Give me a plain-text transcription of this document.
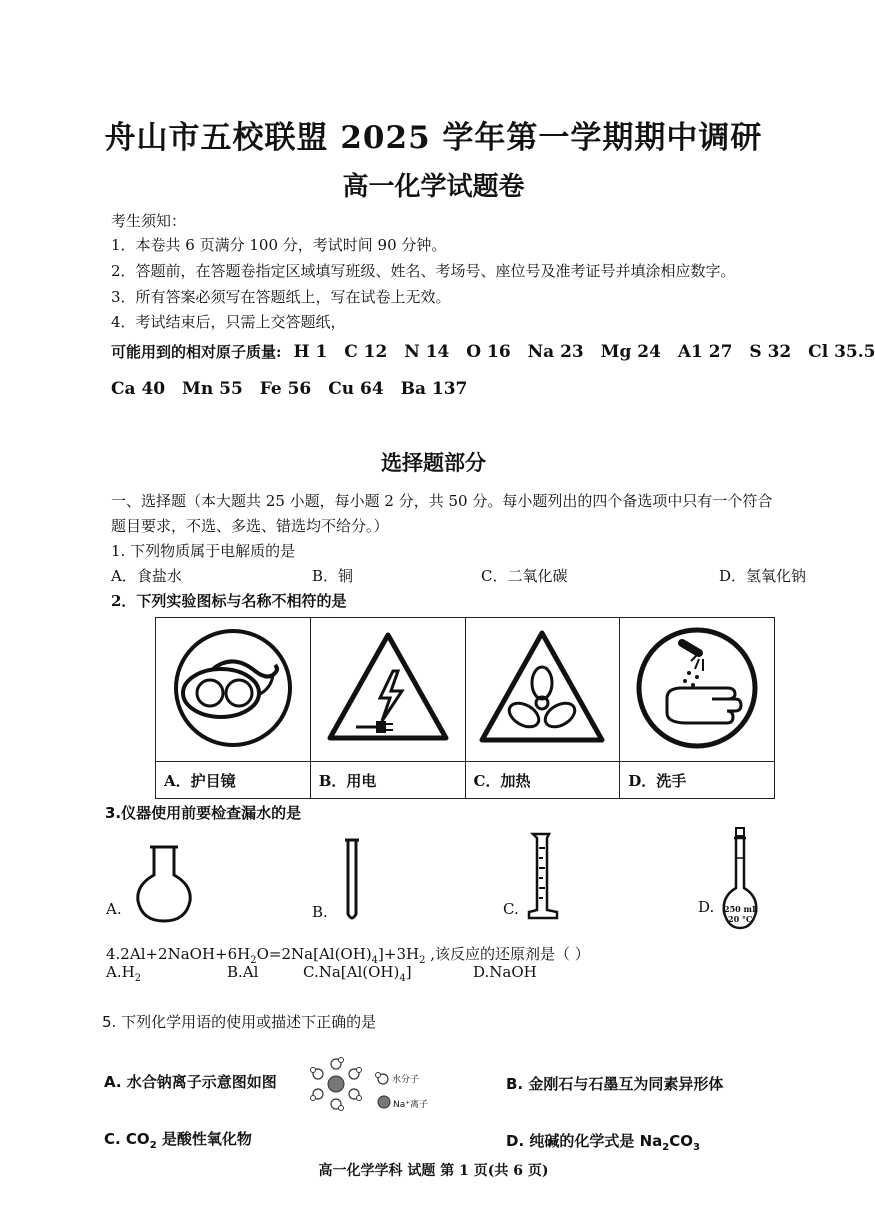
舟山市五校联盟 2025 学年第一学期期中调研
高一化学试题卷
考生须知：
1．本卷共 6 页满分 100 分，考试时间 90 分钟。
2．答题前，在答题卷指定区域填写班级、姓名、考场号、座位号及准考证号并填涂相应数字。
3．所有答案必须写在答题纸上，写在试卷上无效。
4．考试结束后，只需上交答题纸，
可能用到的相对原子质量: H 1 C 12 N 14 O 16 Na 23 Mg 24 A1 27 S 32 Cl 35.5
Ca 40 Mn 55 Fe 56 Cu 64 Ba 137
选择题部分
一、选择题（本大题共 25 小题，每小题 2 分，共 50 分。每小题列出的四个备选项中只有一个符合
题目要求，不选、多选、错选均不给分。）
1. 下列物质属于电解质的是
A．食盐水	B．铜	C．二氧化碳	D．氢氧化钠
2．下列实验图标与名称不相符的是

A．护目镜	B．用电	C．加热	D．洗手
3.仪器使用前要检查漏水的是
A.	B.	C.	D. 250 mL
20 °C
$4.2Al+2NaOH+6H_2O=2Na[Al(OH)_4]+3H_2$ ,该反应的还原剂是（ ）
$A.H_2$	B.Al	$C.Na[Al(OH)_4]$	D.NaOH
5. 下列化学用语的使用或描述下正确的是
A. 水合钠离子示意图如图	水分子
Na⁺离子
B. 金刚石与石墨互为同素异形体
C. $CO_2$ 是酸性氧化物	D. 纯碱的化学式是 $Na_2CO_3$
高一化学学科 试题 第 1 页(共 6 页)
